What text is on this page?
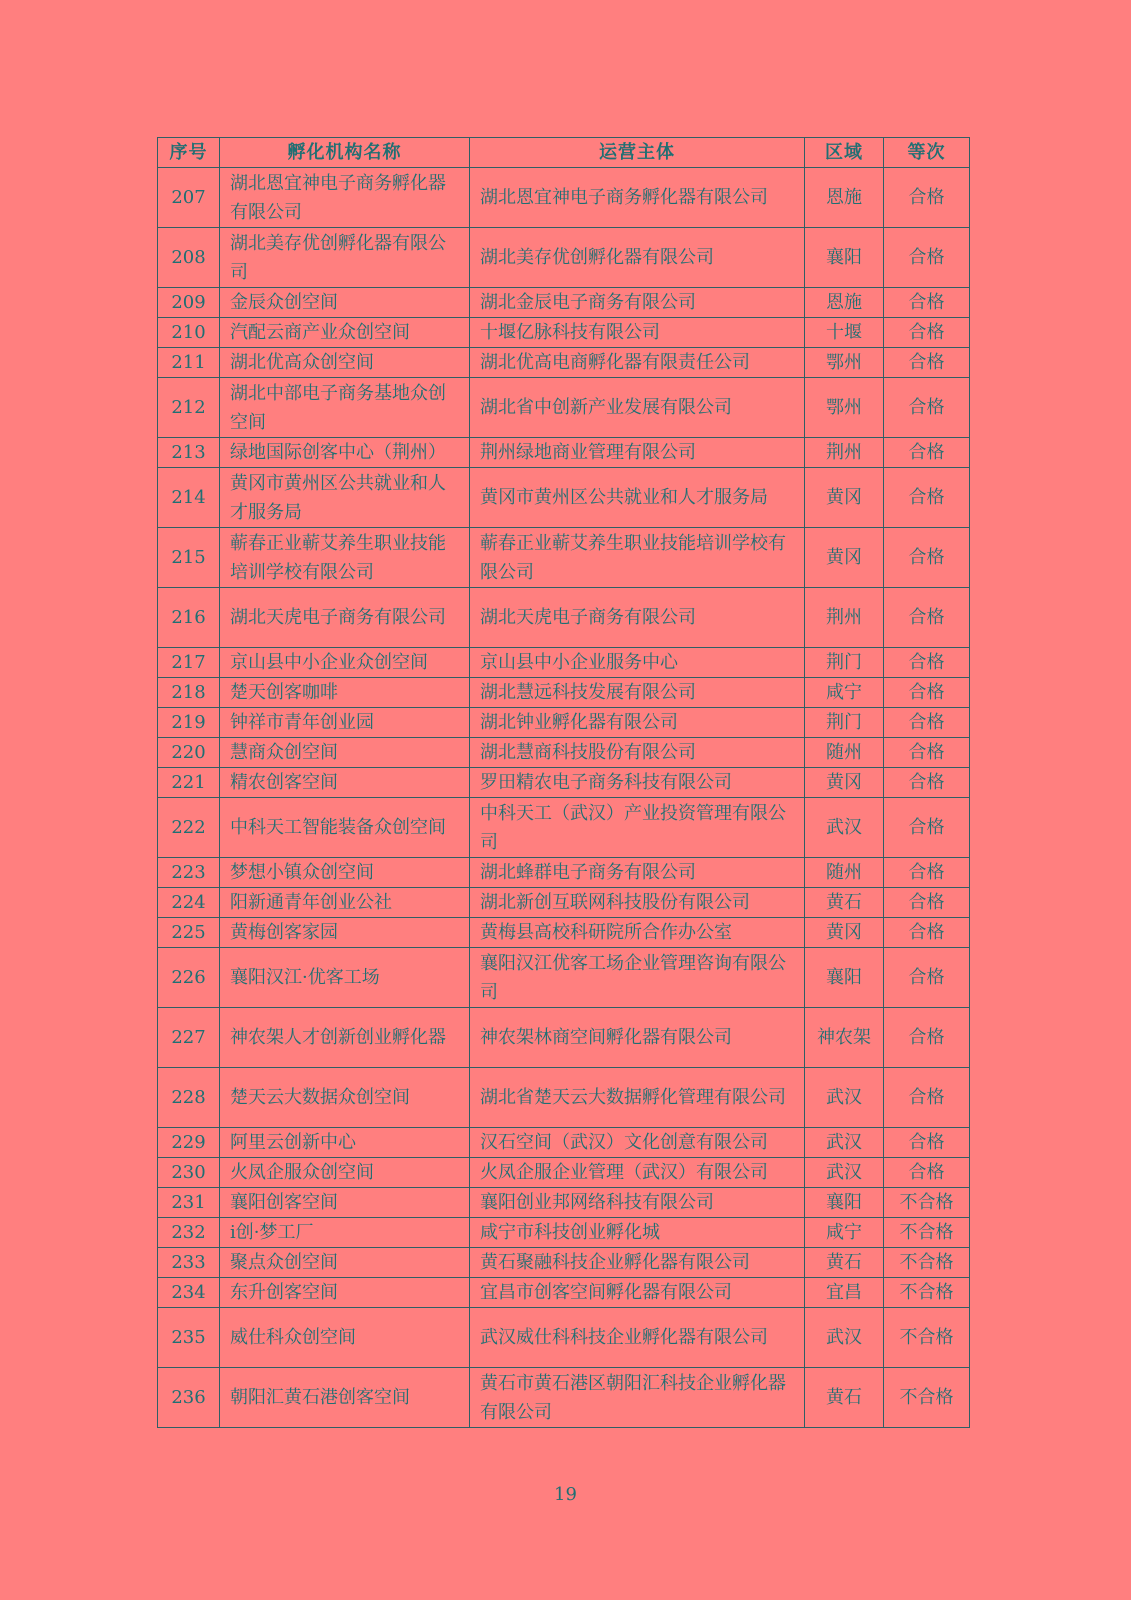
序号	孵化机构名称	运营主体	区域	等次
207	湖北恩宜神电子商务孵化器有限公司	湖北恩宜神电子商务孵化器有限公司	恩施	合格
208	湖北美存优创孵化器有限公司	湖北美存优创孵化器有限公司	襄阳	合格
209	金辰众创空间	湖北金辰电子商务有限公司	恩施	合格
210	汽配云商产业众创空间	十堰亿脉科技有限公司	十堰	合格
211	湖北优高众创空间	湖北优高电商孵化器有限责任公司	鄂州	合格
212	湖北中部电子商务基地众创空间	湖北省中创新产业发展有限公司	鄂州	合格
213	绿地国际创客中心（荆州）	荆州绿地商业管理有限公司	荆州	合格
214	黄冈市黄州区公共就业和人才服务局	黄冈市黄州区公共就业和人才服务局	黄冈	合格
215	蕲春正业蕲艾养生职业技能培训学校有限公司	蕲春正业蕲艾养生职业技能培训学校有限公司	黄冈	合格
216	湖北天虎电子商务有限公司	湖北天虎电子商务有限公司	荆州	合格
217	京山县中小企业众创空间	京山县中小企业服务中心	荆门	合格
218	楚天创客咖啡	湖北慧远科技发展有限公司	咸宁	合格
219	钟祥市青年创业园	湖北钟业孵化器有限公司	荆门	合格
220	慧商众创空间	湖北慧商科技股份有限公司	随州	合格
221	精农创客空间	罗田精农电子商务科技有限公司	黄冈	合格
222	中科天工智能装备众创空间	中科天工（武汉）产业投资管理有限公司	武汉	合格
223	梦想小镇众创空间	湖北蜂群电子商务有限公司	随州	合格
224	阳新通青年创业公社	湖北新创互联网科技股份有限公司	黄石	合格
225	黄梅创客家园	黄梅县高校科研院所合作办公室	黄冈	合格
226	襄阳汉江·优客工场	襄阳汉江优客工场企业管理咨询有限公司	襄阳	合格
227	神农架人才创新创业孵化器	神农架林商空间孵化器有限公司	神农架	合格
228	楚天云大数据众创空间	湖北省楚天云大数据孵化管理有限公司	武汉	合格
229	阿里云创新中心	汉石空间（武汉）文化创意有限公司	武汉	合格
230	火凤企服众创空间	火凤企服企业管理（武汉）有限公司	武汉	合格
231	襄阳创客空间	襄阳创业邦网络科技有限公司	襄阳	不合格
232	i创·梦工厂	咸宁市科技创业孵化城	咸宁	不合格
233	聚点众创空间	黄石聚融科技企业孵化器有限公司	黄石	不合格
234	东升创客空间	宜昌市创客空间孵化器有限公司	宜昌	不合格
235	威仕科众创空间	武汉威仕科科技企业孵化器有限公司	武汉	不合格
236	朝阳汇黄石港创客空间	黄石市黄石港区朝阳汇科技企业孵化器有限公司	黄石	不合格
19
